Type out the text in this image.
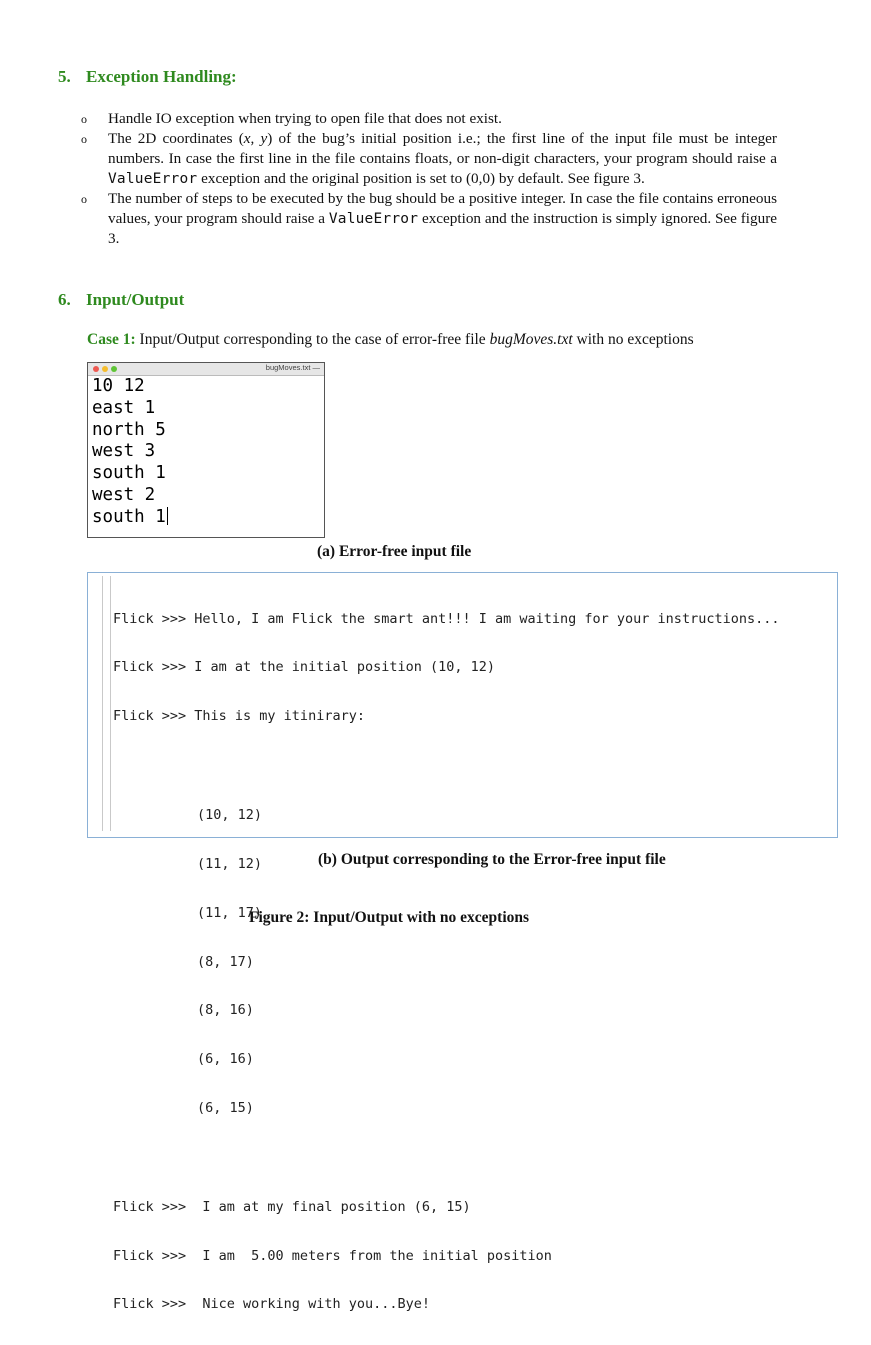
5. Exception Handling:
o Handle IO exception when trying to open file that does not exist.
o The 2D coordinates (x, y) of the bug’s initial position i.e.; the first line of the input file must be integer numbers. In case the first line in the file contains floats, or non-digit characters, your program should raise a ValueError exception and the original position is set to (0,0) by default. See figure 3.
o The number of steps to be executed by the bug should be a positive integer. In case the file contains erroneous values, your program should raise a ValueError exception and the instruction is simply ignored. See figure 3.
6. Input/Output
Case 1: Input/Output corresponding to the case of error-free file bugMoves.txt with no exceptions
bugMoves.txt —
10 12
east 1
north 5
west 3
south 1
west 2
south 1
(a) Error-free input file

Flick >>> Hello, I am Flick the smart ant!!! I am waiting for your instructions...

Flick >>> I am at the initial position (10, 12)

Flick >>> This is my itinirary:

(10, 12)

(11, 12)

(11, 17)

(8, 17)

(8, 16)

(6, 16)

(6, 15)

Flick >>>  I am at my final position (6, 15)

Flick >>>  I am  5.00 meters from the initial position

Flick >>>  Nice working with you...Bye!

(b) Output corresponding to the Error-free input file
Figure 2: Input/Output with no exceptions
